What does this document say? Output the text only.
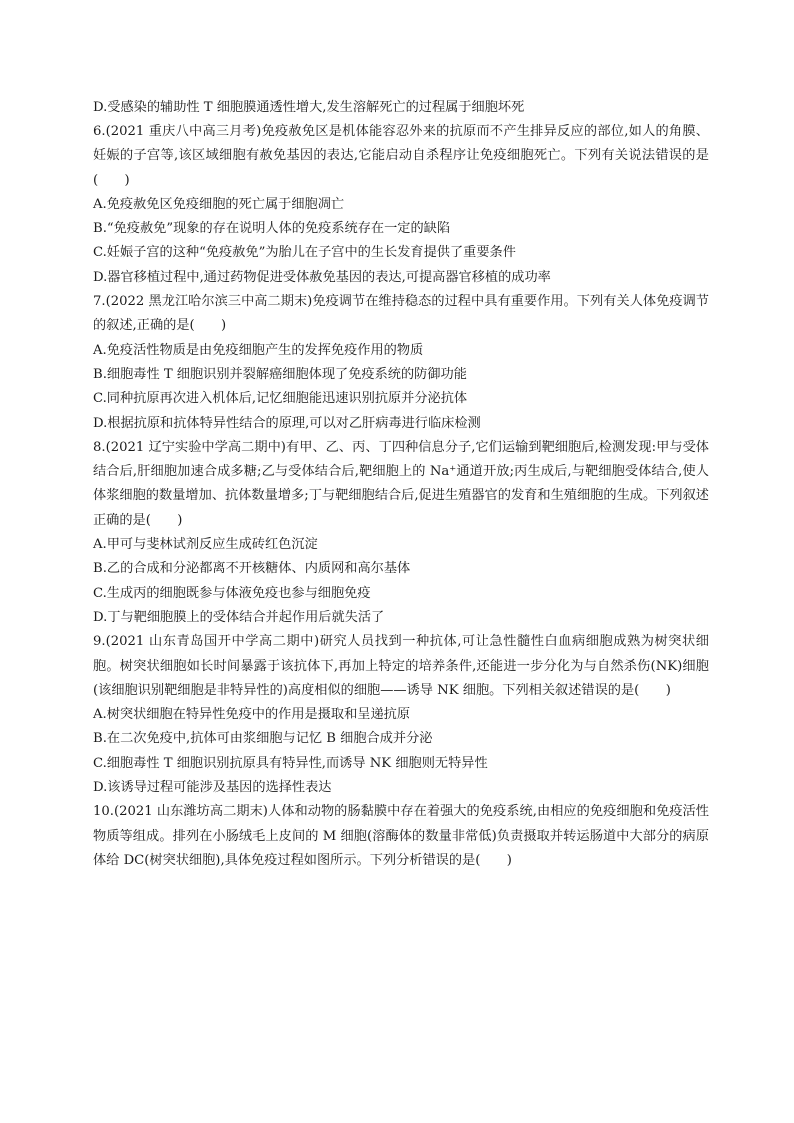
D.受感染的辅助性 T 细胞膜通透性增大,发生溶解死亡的过程属于细胞坏死
6.(2021 重庆八中高三月考)免疫赦免区是机体能容忍外来的抗原而不产生排异反应的部位,如人的角膜、妊娠的子宫等,该区域细胞有赦免基因的表达,它能启动自杀程序让免疫细胞死亡。下列有关说法错误的是(　　)
A.免疫赦免区免疫细胞的死亡属于细胞凋亡
B.“免疫赦免”现象的存在说明人体的免疫系统存在一定的缺陷
C.妊娠子宫的这种“免疫赦免”为胎儿在子宫中的生长发育提供了重要条件
D.器官移植过程中,通过药物促进受体赦免基因的表达,可提高器官移植的成功率
7.(2022 黑龙江哈尔滨三中高二期末)免疫调节在维持稳态的过程中具有重要作用。下列有关人体免疫调节的叙述,正确的是(　　)
A.免疫活性物质是由免疫细胞产生的发挥免疫作用的物质
B.细胞毒性 T 细胞识别并裂解癌细胞体现了免疫系统的防御功能
C.同种抗原再次进入机体后,记忆细胞能迅速识别抗原并分泌抗体
D.根据抗原和抗体特异性结合的原理,可以对乙肝病毒进行临床检测
8.(2021 辽宁实验中学高二期中)有甲、乙、丙、丁四种信息分子,它们运输到靶细胞后,检测发现:甲与受体结合后,肝细胞加速合成多糖;乙与受体结合后,靶细胞上的 Na⁺通道开放;丙生成后,与靶细胞受体结合,使人体浆细胞的数量增加、抗体数量增多;丁与靶细胞结合后,促进生殖器官的发育和生殖细胞的生成。下列叙述正确的是(　　)
A.甲可与斐林试剂反应生成砖红色沉淀
B.乙的合成和分泌都离不开核糖体、内质网和高尔基体
C.生成丙的细胞既参与体液免疫也参与细胞免疫
D.丁与靶细胞膜上的受体结合并起作用后就失活了
9.(2021 山东青岛国开中学高二期中)研究人员找到一种抗体,可让急性髓性白血病细胞成熟为树突状细胞。树突状细胞如长时间暴露于该抗体下,再加上特定的培养条件,还能进一步分化为与自然杀伤(NK)细胞(该细胞识别靶细胞是非特异性的)高度相似的细胞——诱导 NK 细胞。下列相关叙述错误的是(　　)
A.树突状细胞在特异性免疫中的作用是摄取和呈递抗原
B.在二次免疫中,抗体可由浆细胞与记忆 B 细胞合成并分泌
C.细胞毒性 T 细胞识别抗原具有特异性,而诱导 NK 细胞则无特异性
D.该诱导过程可能涉及基因的选择性表达
10.(2021 山东潍坊高二期末)人体和动物的肠黏膜中存在着强大的免疫系统,由相应的免疫细胞和免疫活性物质等组成。排列在小肠绒毛上皮间的 M 细胞(溶酶体的数量非常低)负责摄取并转运肠道中大部分的病原体给 DC(树突状细胞),具体免疫过程如图所示。下列分析错误的是(　　)
